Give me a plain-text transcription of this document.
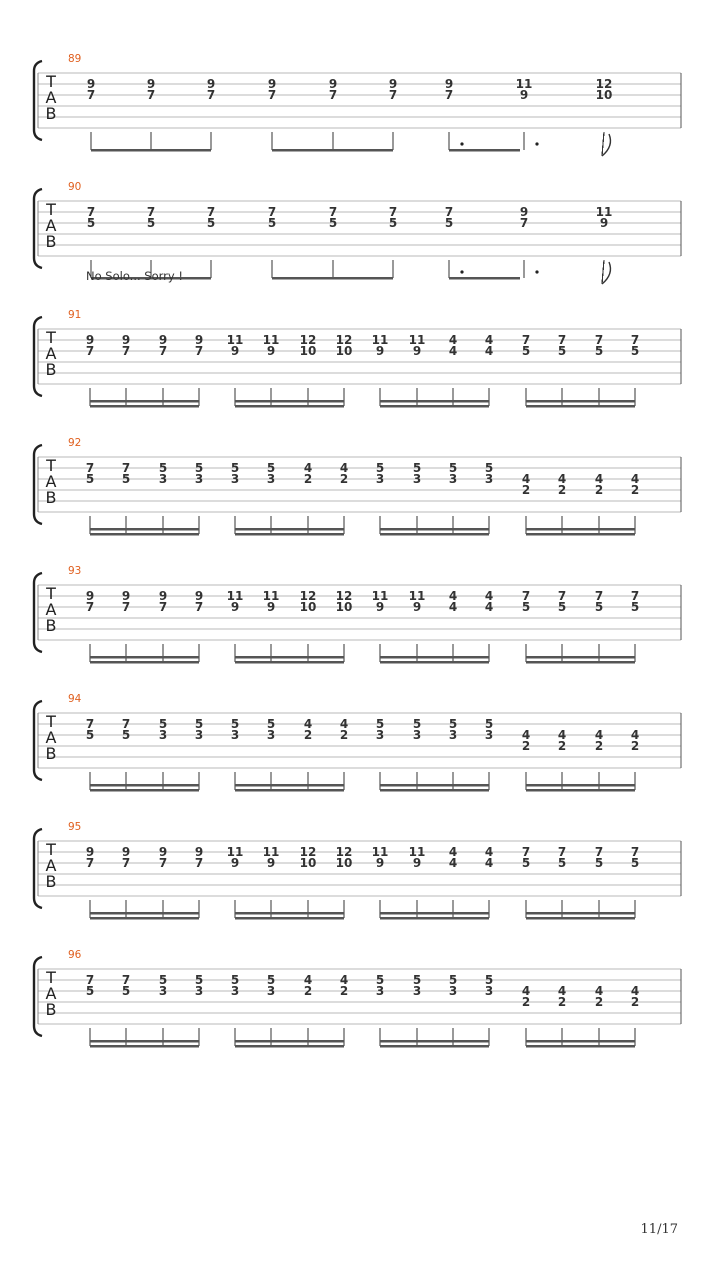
89
T
A
B
9
7
9
7
9
7
9
7
9
7
9
7
9
7
11
9
12
10
90
T
A
B
7
5
7
5
7
5
7
5
7
5
7
5
7
5
9
7
11
9
No Solo... Sorry !
91
T
A
B
9
7
9
7
9
7
9
7
11
9
11
9
12
10
12
10
11
9
11
9
4
4
4
4
7
5
7
5
7
5
7
5
92
T
A
B
7
5
7
5
5
3
5
3
5
3
5
3
4
2
4
2
5
3
5
3
5
3
5
3 4
2
4
2
4
2
4
2
93
T
A
B
9
7
9
7
9
7
9
7
11
9
11
9
12
10
12
10
11
9
11
9
4
4
4
4
7
5
7
5
7
5
7
5
94
T
A
B
7
5
7
5
5
3
5
3
5
3
5
3
4
2
4
2
5
3
5
3
5
3
5
3 4
2
4
2
4
2
4
2
95
T
A
B
9
7
9
7
9
7
9
7
11
9
11
9
12
10
12
10
11
9
11
9
4
4
4
4
7
5
7
5
7
5
7
5
96
T
A
B
7
5
7
5
5
3
5
3
5
3
5
3
4
2
4
2
5
3
5
3
5
3
5
3 4
2
4
2
4
2
4
2
11/17
